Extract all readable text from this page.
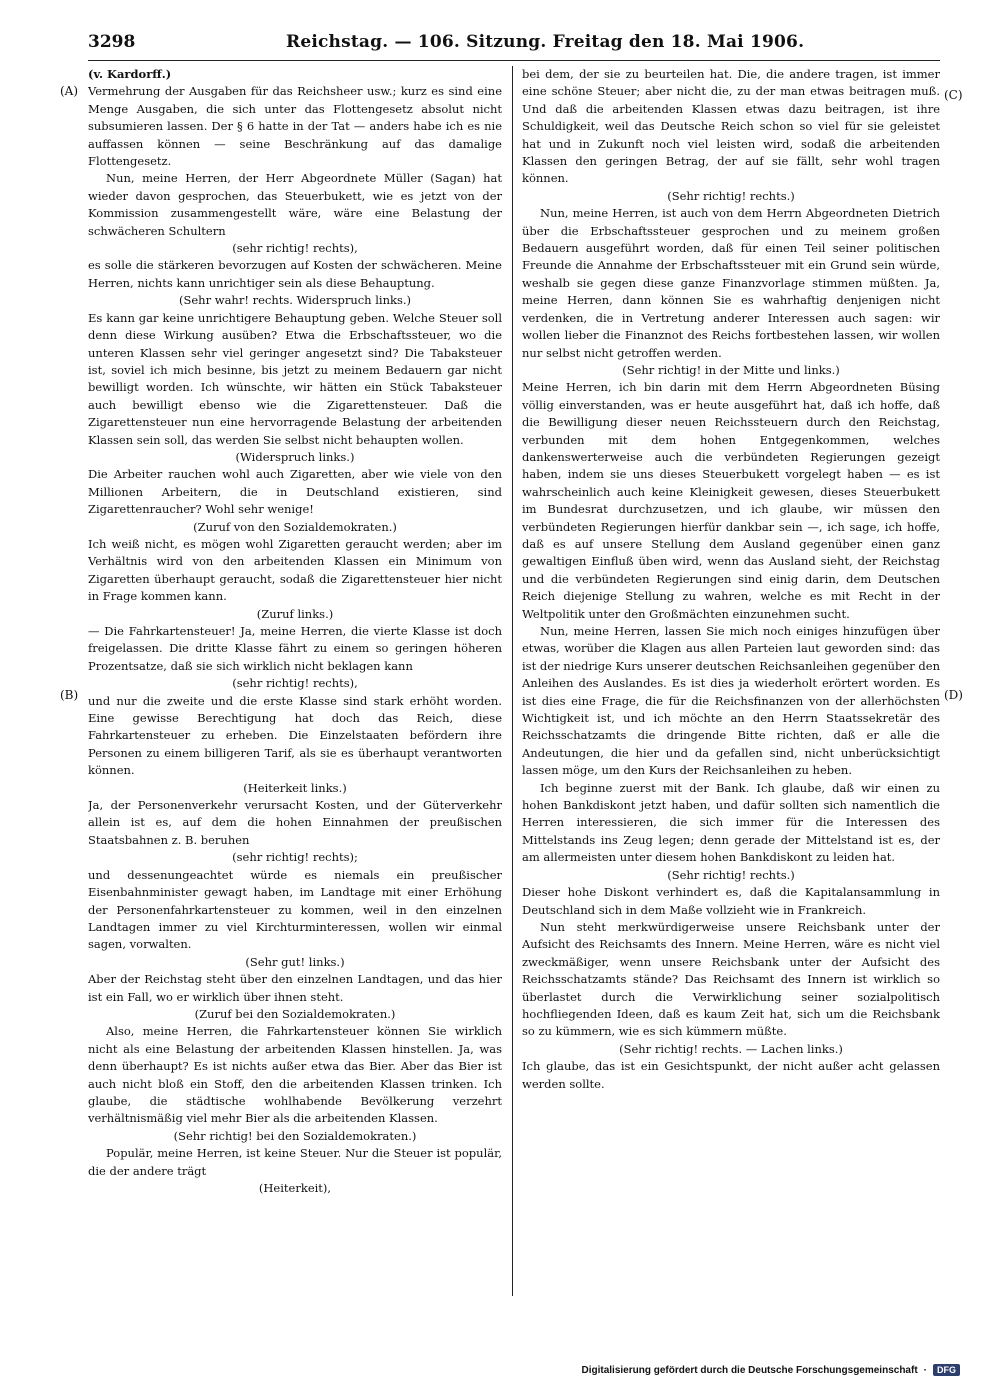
3298	Reichstag. — 106. Sitzung. Freitag den 18. Mai 1906.

(v. Kardorff.)

Vermehrung der Ausgaben für das Reichsheer usw.; kurz es sind eine Menge Ausgaben, die sich unter das Flottengesetz absolut nicht subsumieren lassen. Der § 6 hatte in der Tat — anders habe ich es nie auffassen können — seine Beschränkung auf das damalige Flottengesetz.

Nun, meine Herren, der Herr Abgeordnete Müller (Sagan) hat wieder davon gesprochen, das Steuerbukett, wie es jetzt von der Kommission zusammengestellt wäre, wäre eine Belastung der schwächeren Schultern

(sehr richtig! rechts),

es solle die stärkeren bevorzugen auf Kosten der schwächeren. Meine Herren, nichts kann unrichtiger sein als diese Behauptung.

(Sehr wahr! rechts. Widerspruch links.)

Es kann gar keine unrichtigere Behauptung geben. Welche Steuer soll denn diese Wirkung ausüben? Etwa die Erbschaftssteuer, wo die unteren Klassen sehr viel geringer angesetzt sind? Die Tabaksteuer ist, soviel ich mich besinne, bis jetzt zu meinem Bedauern gar nicht bewilligt worden. Ich wünschte, wir hätten ein Stück Tabaksteuer auch bewilligt ebenso wie die Zigarettensteuer. Daß die Zigarettensteuer nun eine hervorragende Belastung der arbeitenden Klassen sein soll, das werden Sie selbst nicht behaupten wollen.

(Widerspruch links.)

Die Arbeiter rauchen wohl auch Zigaretten, aber wie viele von den Millionen Arbeitern, die in Deutschland existieren, sind Zigarettenraucher? Wohl sehr wenige!

(Zuruf von den Sozialdemokraten.)

Ich weiß nicht, es mögen wohl Zigaretten geraucht werden; aber im Verhältnis wird von den arbeitenden Klassen ein Minimum von Zigaretten überhaupt geraucht, sodaß die Zigarettensteuer hier nicht in Frage kommen kann.

(Zuruf links.)

— Die Fahrkartensteuer! Ja, meine Herren, die vierte Klasse ist doch freigelassen. Die dritte Klasse fährt zu einem so geringen höheren Prozentsatze, daß sie sich wirklich nicht beklagen kann

(sehr richtig! rechts),

und nur die zweite und die erste Klasse sind stark erhöht worden. Eine gewisse Berechtigung hat doch das Reich, diese Fahrkartensteuer zu erheben. Die Einzelstaaten befördern ihre Personen zu einem billigeren Tarif, als sie es überhaupt verantworten können.

(Heiterkeit links.)

Ja, der Personenverkehr verursacht Kosten, und der Güterverkehr allein ist es, auf dem die hohen Einnahmen der preußischen Staatsbahnen z. B. beruhen

(sehr richtig! rechts);

und dessenungeachtet würde es niemals ein preußischer Eisenbahnminister gewagt haben, im Landtage mit einer Erhöhung der Personenfahrkartensteuer zu kommen, weil in den einzelnen Landtagen immer zu viel Kirchturminteressen, wollen wir einmal sagen, vorwalten.

(Sehr gut! links.)

Aber der Reichstag steht über den einzelnen Landtagen, und das hier ist ein Fall, wo er wirklich über ihnen steht.

(Zuruf bei den Sozialdemokraten.)

Also, meine Herren, die Fahrkartensteuer können Sie wirklich nicht als eine Belastung der arbeitenden Klassen hinstellen. Ja, was denn überhaupt? Es ist nichts außer etwa das Bier. Aber das Bier ist auch nicht bloß ein Stoff, den die arbeitenden Klassen trinken. Ich glaube, die städtische wohlhabende Bevölkerung verzehrt verhältnismäßig viel mehr Bier als die arbeitenden Klassen.

(Sehr richtig! bei den Sozialdemokraten.)

Populär, meine Herren, ist keine Steuer. Nur die Steuer ist populär, die der andere trägt

(Heiterkeit),

bei dem, der sie zu beurteilen hat. Die, die andere tragen, ist immer eine schöne Steuer; aber nicht die, zu der man etwas beitragen muß. Und daß die arbeitenden Klassen etwas dazu beitragen, ist ihre Schuldigkeit, weil das Deutsche Reich schon so viel für sie geleistet hat und in Zukunft noch viel leisten wird, sodaß die arbeitenden Klassen den geringen Betrag, der auf sie fällt, sehr wohl tragen können.

(Sehr richtig! rechts.)

Nun, meine Herren, ist auch von dem Herrn Abgeordneten Dietrich über die Erbschaftssteuer gesprochen und zu meinem großen Bedauern ausgeführt worden, daß für einen Teil seiner politischen Freunde die Annahme der Erbschaftssteuer mit ein Grund sein würde, weshalb sie gegen diese ganze Finanzvorlage stimmen müßten. Ja, meine Herren, dann können Sie es wahrhaftig denjenigen nicht verdenken, die in Vertretung anderer Interessen auch sagen: wir wollen lieber die Finanznot des Reichs fortbestehen lassen, wir wollen nur selbst nicht getroffen werden.

(Sehr richtig! in der Mitte und links.)

Meine Herren, ich bin darin mit dem Herrn Abgeordneten Büsing völlig einverstanden, was er heute ausgeführt hat, daß ich hoffe, daß die Bewilligung dieser neuen Reichssteuern durch den Reichstag, verbunden mit dem hohen Entgegenkommen, welches dankenswerterweise auch die verbündeten Regierungen gezeigt haben, indem sie uns dieses Steuerbukett vorgelegt haben — es ist wahrscheinlich auch keine Kleinigkeit gewesen, dieses Steuerbukett im Bundesrat durchzusetzen, und ich glaube, wir müssen den verbündeten Regierungen hierfür dankbar sein —, ich sage, ich hoffe, daß es auf unsere Stellung dem Ausland gegenüber einen ganz gewaltigen Einfluß üben wird, wenn das Ausland sieht, der Reichstag und die verbündeten Regierungen sind einig darin, dem Deutschen Reich diejenige Stellung zu wahren, welche es mit Recht in der Weltpolitik unter den Großmächten einzunehmen sucht.

Nun, meine Herren, lassen Sie mich noch einiges hinzufügen über etwas, worüber die Klagen aus allen Parteien laut geworden sind: das ist der niedrige Kurs unserer deutschen Reichsanleihen gegenüber den Anleihen des Auslandes. Es ist dies ja wiederholt erörtert worden. Es ist dies eine Frage, die für die Reichsfinanzen von der allerhöchsten Wichtigkeit ist, und ich möchte an den Herrn Staatssekretär des Reichsschatzamts die dringende Bitte richten, daß er alle die Andeutungen, die hier und da gefallen sind, nicht unberücksichtigt lassen möge, um den Kurs der Reichsanleihen zu heben.

Ich beginne zuerst mit der Bank. Ich glaube, daß wir einen zu hohen Bankdiskont jetzt haben, und dafür sollten sich namentlich die Herren interessieren, die sich immer für die Interessen des Mittelstands ins Zeug legen; denn gerade der Mittelstand ist es, der am allermeisten unter diesem hohen Bankdiskont zu leiden hat.

(Sehr richtig! rechts.)

Dieser hohe Diskont verhindert es, daß die Kapitalansammlung in Deutschland sich in dem Maße vollzieht wie in Frankreich.

Nun steht merkwürdigerweise unsere Reichsbank unter der Aufsicht des Reichsamts des Innern. Meine Herren, wäre es nicht viel zweckmäßiger, wenn unsere Reichsbank unter der Aufsicht des Reichsschatzamts stände? Das Reichsamt des Innern ist wirklich so überlastet durch die Verwirklichung seiner sozialpolitisch hochfliegenden Ideen, daß es kaum Zeit hat, sich um die Reichsbank so zu kümmern, wie es sich kümmern müßte.

(Sehr richtig! rechts. — Lachen links.)

Ich glaube, das ist ein Gesichtspunkt, der nicht außer acht gelassen werden sollte.

(A)
(B)
(C)
(D)
Digitalisierung gefördert durch die Deutsche Forschungsgemeinschaft ·	DFG
